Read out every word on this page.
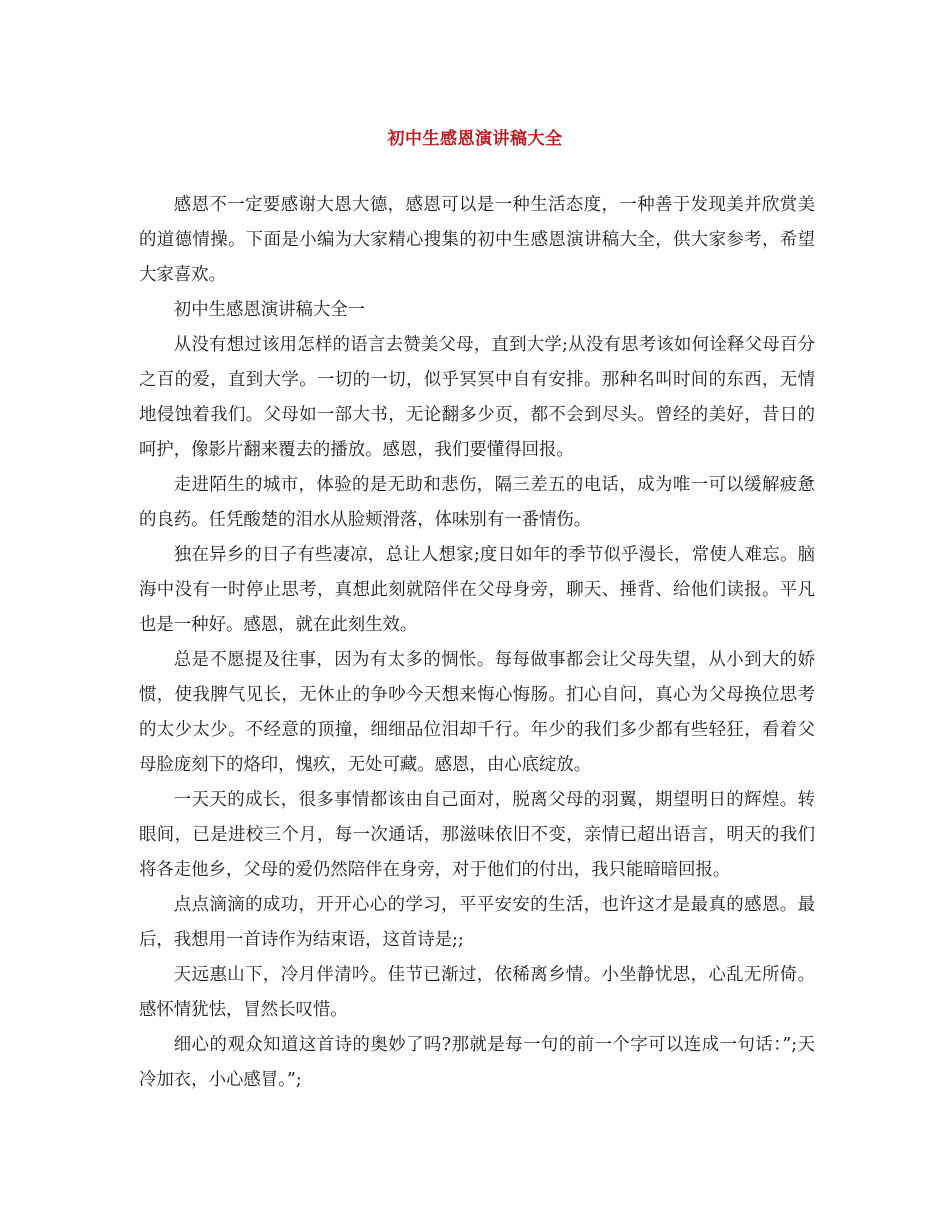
初中生感恩演讲稿大全

感恩不一定要感谢大恩大德，感恩可以是一种生活态度，一种善于发现美并欣赏美的道德情操。下面是小编为大家精心搜集的初中生感恩演讲稿大全，供大家参考，希望大家喜欢。

初中生感恩演讲稿大全一

从没有想过该用怎样的语言去赞美父母，直到大学;从没有思考该如何诠释父母百分之百的爱，直到大学。一切的一切，似乎冥冥中自有安排。那种名叫时间的东西，无情地侵蚀着我们。父母如一部大书，无论翻多少页，都不会到尽头。曾经的美好，昔日的呵护，像影片翻来覆去的播放。感恩，我们要懂得回报。

走进陌生的城市，体验的是无助和悲伤，隔三差五的电话，成为唯一可以缓解疲惫的良药。任凭酸楚的泪水从脸颊滑落，体味别有一番情伤。

独在异乡的日子有些凄凉，总让人想家;度日如年的季节似乎漫长，常使人难忘。脑海中没有一时停止思考，真想此刻就陪伴在父母身旁，聊天、捶背、给他们读报。平凡也是一种好。感恩，就在此刻生效。

总是不愿提及往事，因为有太多的惆怅。每每做事都会让父母失望，从小到大的娇惯，使我脾气见长，无休止的争吵今天想来悔心悔肠。扪心自问，真心为父母换位思考的太少太少。不经意的顶撞，细细品位泪却千行。年少的我们多少都有些轻狂，看着父母脸庞刻下的烙印，愧疚，无处可藏。感恩，由心底绽放。

一天天的成长，很多事情都该由自己面对，脱离父母的羽翼，期望明日的辉煌。转眼间，已是进校三个月，每一次通话，那滋味依旧不变，亲情已超出语言，明天的我们将各走他乡，父母的爱仍然陪伴在身旁，对于他们的付出，我只能暗暗回报。

点点滴滴的成功，开开心心的学习，平平安安的生活，也许这才是最真的感恩。最后，我想用一首诗作为结束语，这首诗是;;

天远惠山下，冷月伴清吟。佳节已渐过，依稀离乡情。小坐静忧思，心乱无所倚。 感怀情犹怯，冒然长叹惜。

细心的观众知道这首诗的奥妙了吗?那就是每一句的前一个字可以连成一句话：”;天冷加衣，小心感冒。”;
